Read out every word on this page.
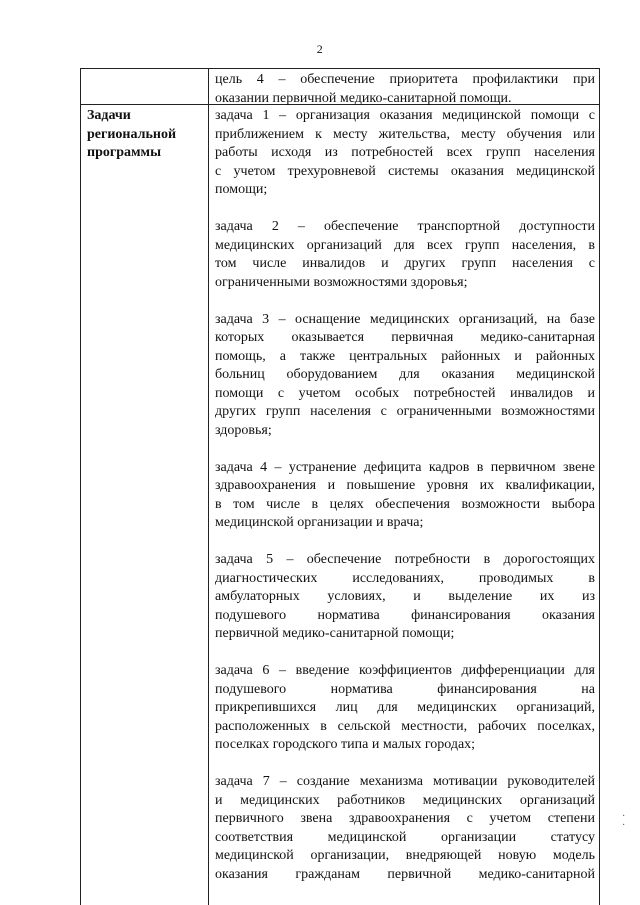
2
цель 4 – обеспечение приоритета профилактики при
оказании первичной медико-санитарной помощи.
Задачи
региональной
программы
задача 1 – организация оказания медицинской помощи с
приближением к месту жительства, месту обучения или
работы исходя из потребностей всех групп населения
с учетом трехуровневой системы оказания медицинской
помощи;
задача 2 – обеспечение транспортной доступности
медицинских организаций для всех групп населения, в
том числе инвалидов и других групп населения с
ограниченными возможностями здоровья;
задача 3 – оснащение медицинских организаций, на базе
которых оказывается первичная медико-санитарная
помощь, а также центральных районных и районных
больниц оборудованием для оказания медицинской
помощи с учетом особых потребностей инвалидов и
других групп населения с ограниченными возможностями
здоровья;
задача 4 – устранение дефицита кадров в первичном звене
здравоохранения и повышение уровня их квалификации,
в том числе в целях обеспечения возможности выбора
медицинской организации и врача;
задача 5 – обеспечение потребности в дорогостоящих
диагностических исследованиях, проводимых в
амбулаторных условиях, и выделение их из
подушевого норматива финансирования оказания
первичной медико-санитарной помощи;
задача 6 – введение коэффициентов дифференциации для
подушевого норматива финансирования на
прикрепившихся лиц для медицинских организаций,
расположенных в сельской местности, рабочих поселках,
поселках городского типа и малых городах;
задача 7 – создание механизма мотивации руководителей
и медицинских работников медицинских организаций
первичного звена здравоохранения с учетом степени
соответствия медицинской организации статусу
медицинской организации, внедряющей новую модель
оказания гражданам первичной медико-санитарной
·
·
